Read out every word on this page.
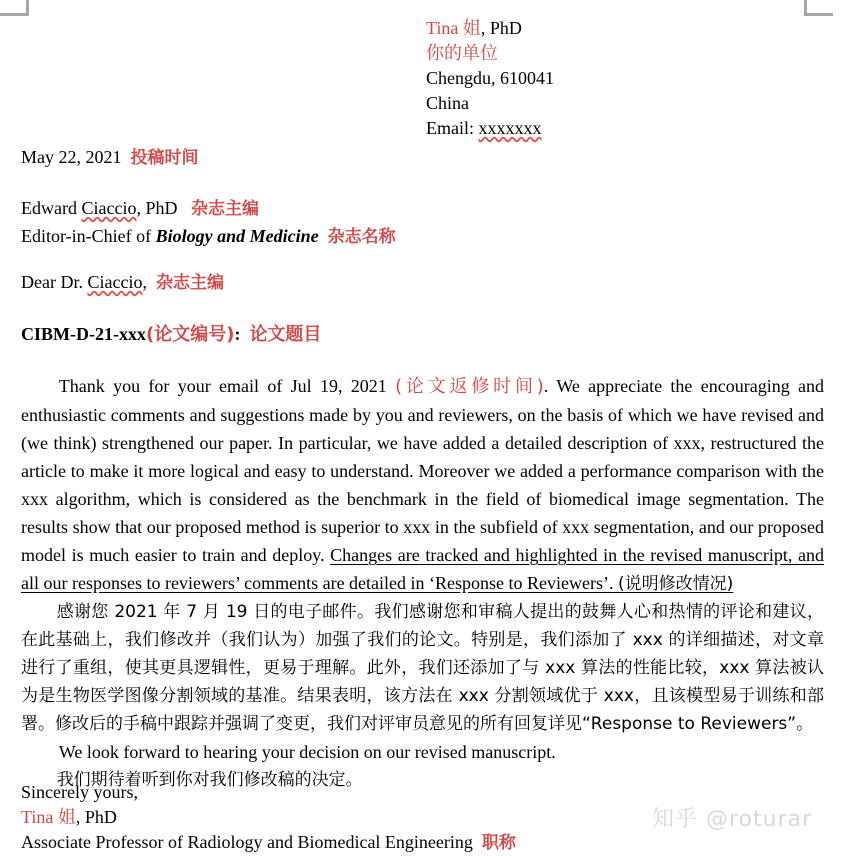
Tina 姐, PhD
你的单位
Chengdu, 610041
China
Email: xxxxxxx
May 22, 2021 投稿时间
Edward Ciaccio, PhD 杂志主编
Editor-in-Chief of Biology and Medicine 杂志名称
Dear Dr. Ciaccio, 杂志主编
CIBM-D-21-xxx(论文编号): 论文题目

Thank you for your email of Jul 19, 2021 (论文返修时间). We appreciate the encouraging and enthusiastic comments and suggestions made by you and reviewers, on the basis of which we have revised and (we think) strengthened our paper. In particular, we have added a detailed description of xxx, restructured the article to make it more logical and easy to understand. Moreover we added a performance comparison with the xxx algorithm, which is considered as the benchmark in the field of biomedical image segmentation. The results show that our proposed method is superior to xxx in the subfield of xxx segmentation, and our proposed model is much easier to train and deploy. Changes are tracked and highlighted in the revised manuscript, and all our responses to reviewers’ comments are detailed in ‘Response to Reviewers’. (说明修改情况)

感谢您 2021 年 7 月 19 日的电子邮件。我们感谢您和审稿人提出的鼓舞人心和热情的评论和建议，在此基础上，我们修改并（我们认为）加强了我们的论文。特别是，我们添加了 xxx 的详细描述，对文章进行了重组，使其更具逻辑性，更易于理解。此外，我们还添加了与 xxx 算法的性能比较，xxx 算法被认为是生物医学图像分割领域的基准。结果表明，该方法在 xxx 分割领域优于 xxx，且该模型易于训练和部署。修改后的手稿中跟踪并强调了变更，我们对评审员意见的所有回复详见“Response to Reviewers”。

We look forward to hearing your decision on our revised manuscript.

我们期待着听到你对我们修改稿的决定。

Sincerely yours,
Tina 姐, PhD
Associate Professor of Radiology and Biomedical Engineering 职称
知乎 @roturar
